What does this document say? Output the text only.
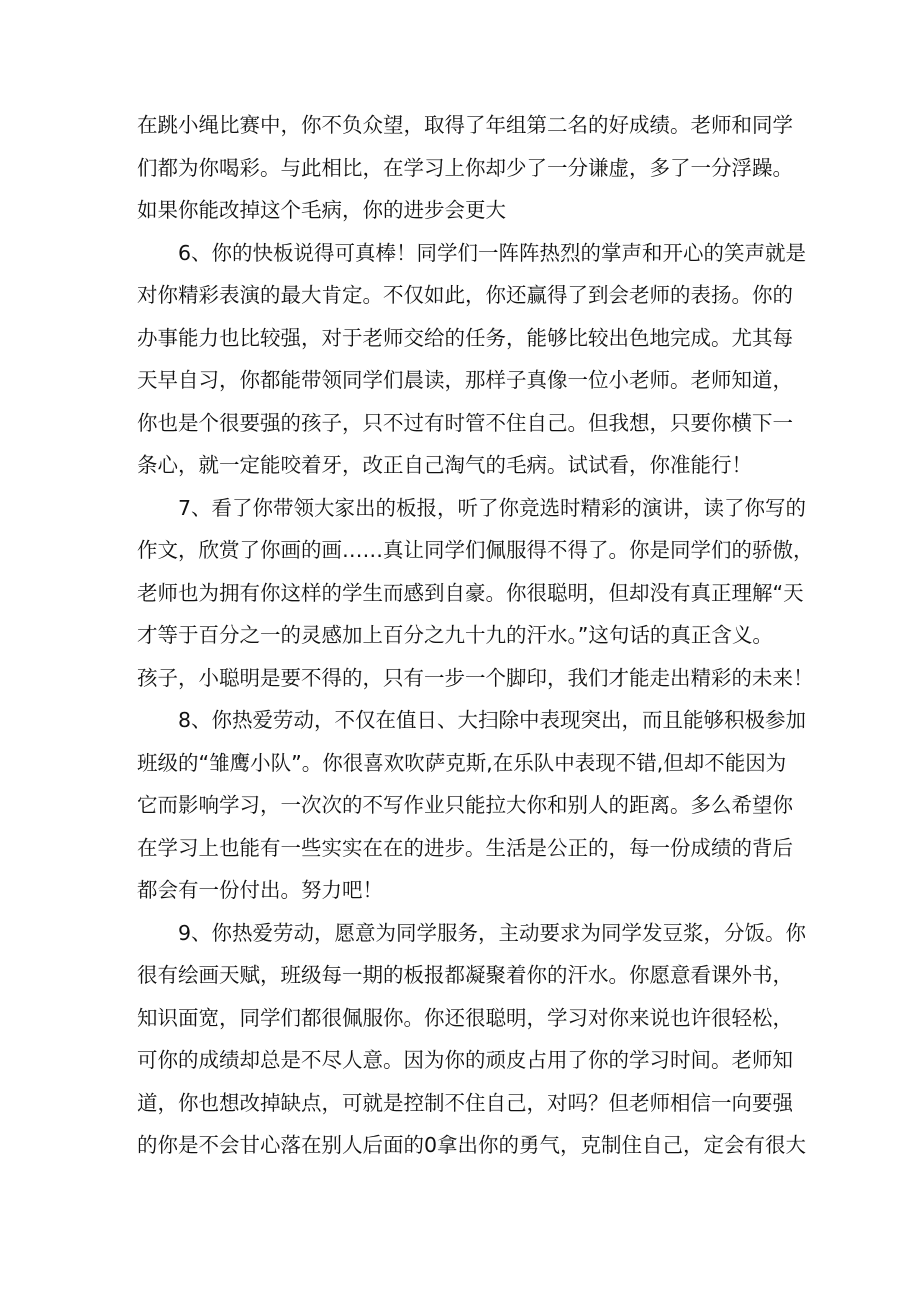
在跳小绳比赛中，你不负众望，取得了年组第二名的好成绩。老师和同学
们都为你喝彩。与此相比，在学习上你却少了一分谦虚，多了一分浮躁。
如果你能改掉这个毛病，你的进步会更大
6、你的快板说得可真棒！同学们一阵阵热烈的掌声和开心的笑声就是
对你精彩表演的最大肯定。不仅如此，你还赢得了到会老师的表扬。你的
办事能力也比较强，对于老师交给的任务，能够比较出色地完成。尤其每
天早自习，你都能带领同学们晨读，那样子真像一位小老师。老师知道，
你也是个很要强的孩子，只不过有时管不住自己。但我想，只要你横下一
条心，就一定能咬着牙，改正自己淘气的毛病。试试看，你准能行！
7、看了你带领大家出的板报，听了你竞选时精彩的演讲，读了你写的
作文，欣赏了你画的画……真让同学们佩服得不得了。你是同学们的骄傲，
老师也为拥有你这样的学生而感到自豪。你很聪明，但却没有真正理解“天
才等于百分之一的灵感加上百分之九十九的汗水。”这句话的真正含义。
孩子，小聪明是要不得的，只有一步一个脚印，我们才能走出精彩的未来！
8、你热爱劳动，不仅在值日、大扫除中表现突出，而且能够积极参加
班级的“雏鹰小队”。你很喜欢吹萨克斯,在乐队中表现不错,但却不能因为
它而影响学习，一次次的不写作业只能拉大你和别人的距离。多么希望你
在学习上也能有一些实实在在的进步。生活是公正的，每一份成绩的背后
都会有一份付出。努力吧！
9、你热爱劳动，愿意为同学服务，主动要求为同学发豆浆，分饭。你
很有绘画天赋，班级每一期的板报都凝聚着你的汗水。你愿意看课外书，
知识面宽，同学们都很佩服你。你还很聪明，学习对你来说也许很轻松，
可你的成绩却总是不尽人意。因为你的顽皮占用了你的学习时间。老师知
道，你也想改掉缺点，可就是控制不住自己，对吗？但老师相信一向要强
的你是不会甘心落在别人后面的0拿出你的勇气，克制住自己，定会有很大
